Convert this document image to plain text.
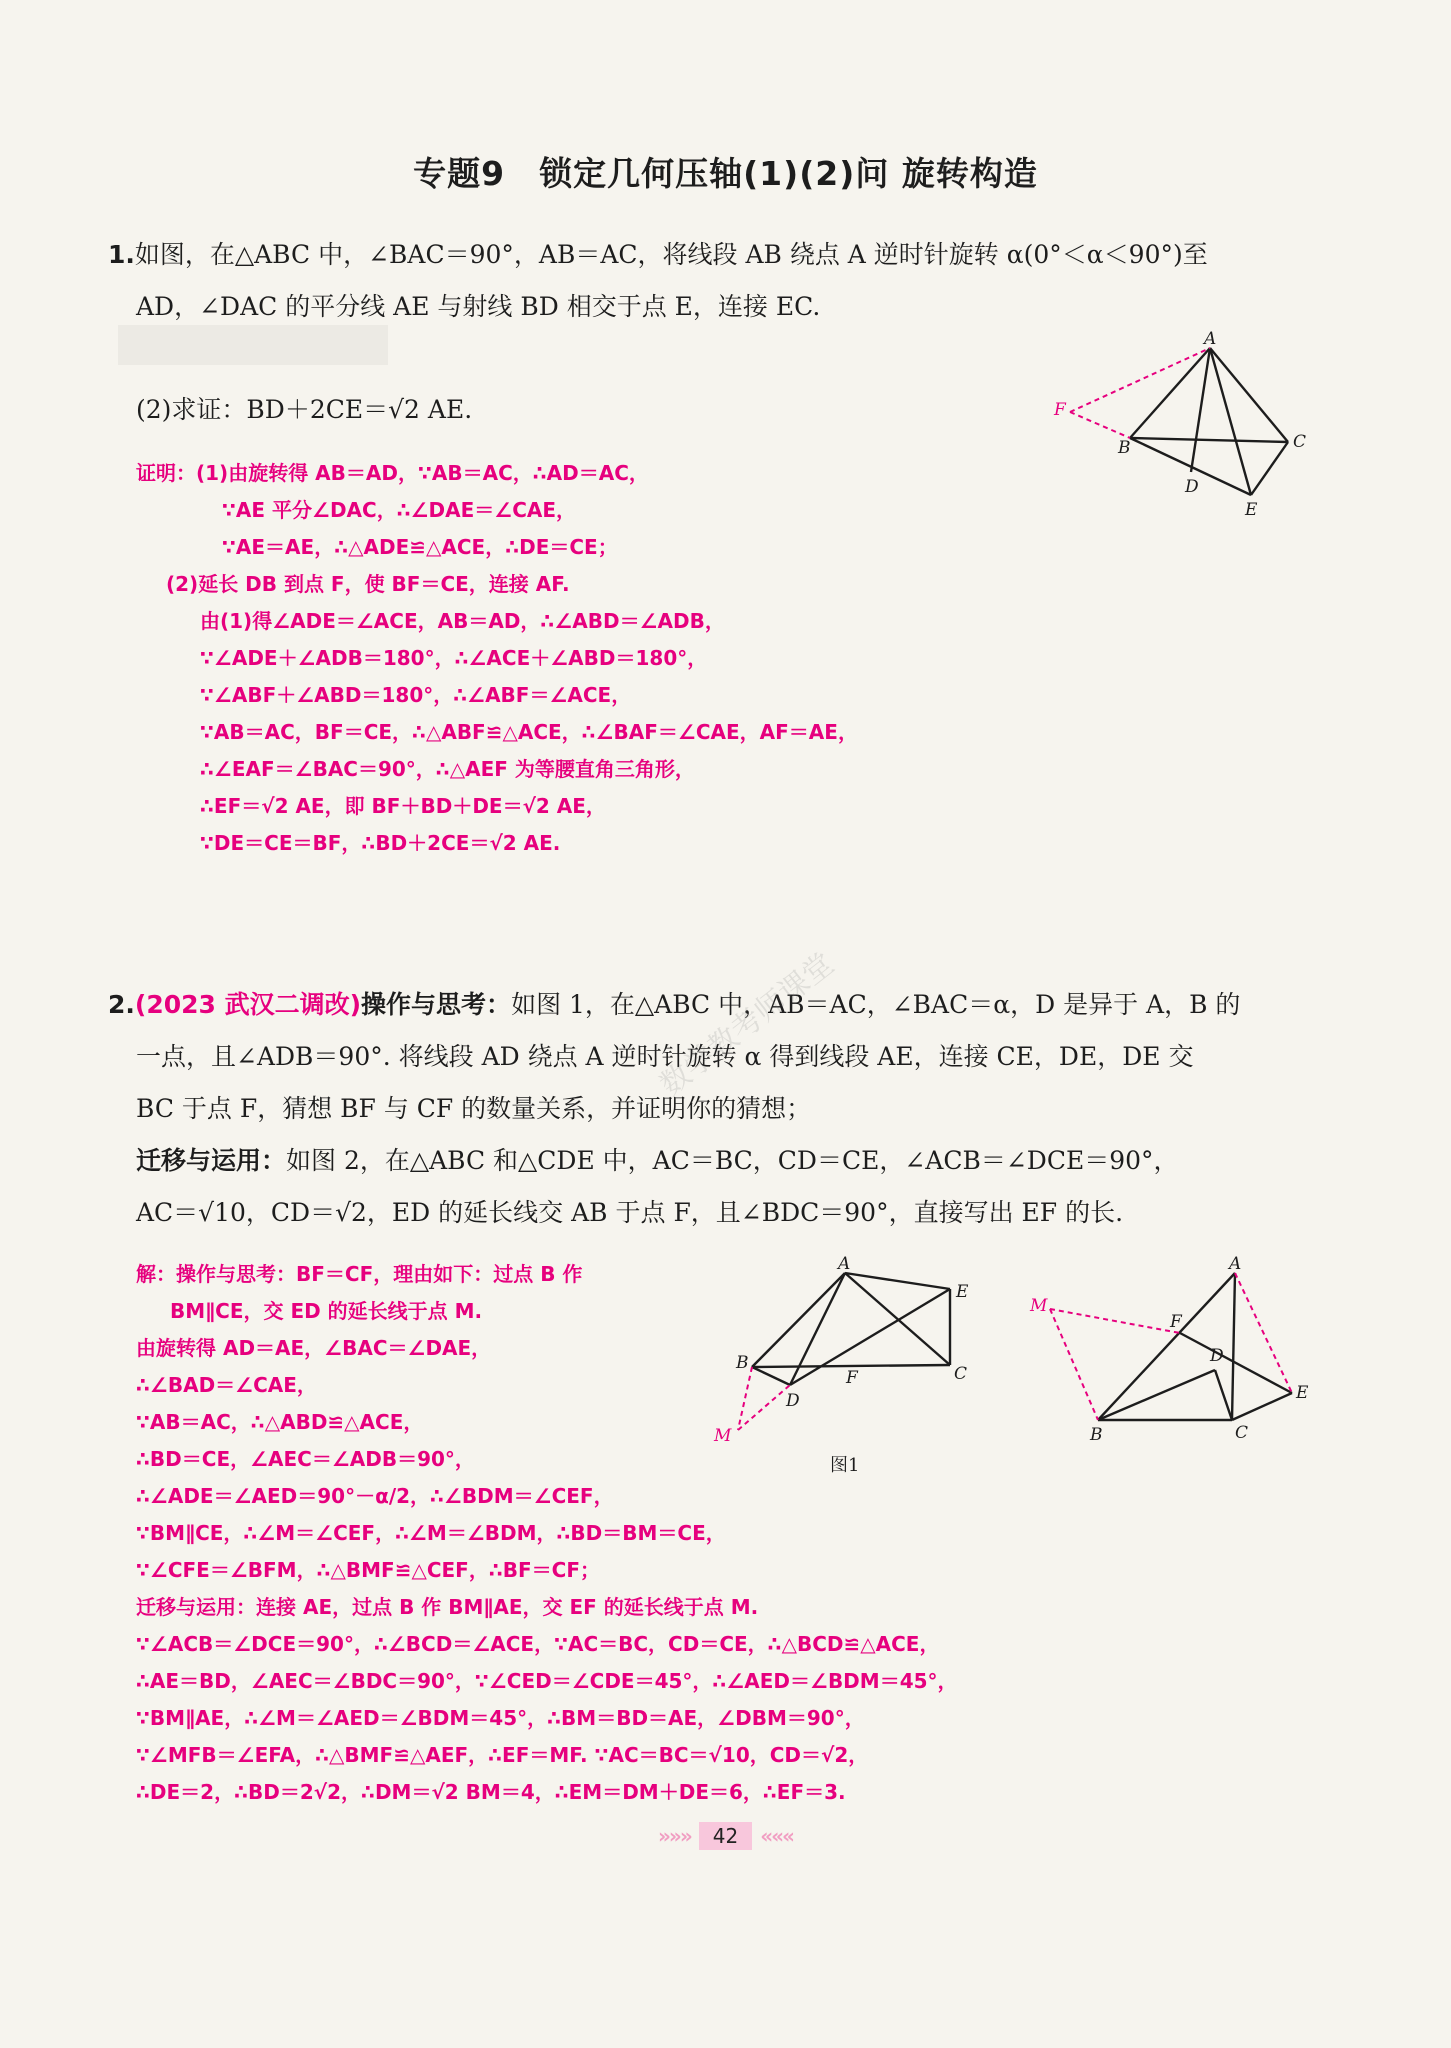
专题9　锁定几何压轴(1)(2)问 旋转构造
1.如图，在△ABC 中，∠BAC＝90°，AB＝AC，将线段 AB 绕点 A 逆时针旋转 α(0°＜α＜90°)至
AD，∠DAC 的平分线 AE 与射线 BD 相交于点 E，连接 EC.
(2)求证：BD＋2CE＝√2 AE.
证明：(1)由旋转得 AB＝AD，∵AB＝AC，∴AD＝AC，
∵AE 平分∠DAC，∴∠DAE＝∠CAE，
∵AE＝AE，∴△ADE≌△ACE，∴DE＝CE；
(2)延长 DB 到点 F，使 BF＝CE，连接 AF.
由(1)得∠ADE＝∠ACE，AB＝AD，∴∠ABD＝∠ADB，
∵∠ADE＋∠ADB＝180°，∴∠ACE＋∠ABD＝180°，
∵∠ABF＋∠ABD＝180°，∴∠ABF＝∠ACE，
∵AB＝AC，BF＝CE，∴△ABF≌△ACE，∴∠BAF＝∠CAE，AF＝AE，
∴∠EAF＝∠BAC＝90°，∴△AEF 为等腰直角三角形，
∴EF＝√2 AE，即 BF＋BD＋DE＝√2 AE，
∵DE＝CE＝BF，∴BD＋2CE＝√2 AE.
A
B	C
D
E
F
2.(2023 武汉二调改)操作与思考：如图 1，在△ABC 中，AB＝AC，∠BAC＝α，D 是异于 A，B 的
一点，且∠ADB＝90°. 将线段 AD 绕点 A 逆时针旋转 α 得到线段 AE，连接 CE，DE，DE 交
BC 于点 F，猜想 BF 与 CF 的数量关系，并证明你的猜想；
迁移与运用：如图 2，在△ABC 和△CDE 中，AC＝BC，CD＝CE，∠ACB＝∠DCE＝90°，
AC＝√10，CD＝√2，ED 的延长线交 AB 于点 F，且∠BDC＝90°，直接写出 EF 的长.
解：操作与思考：BF＝CF，理由如下：过点 B 作
BM∥CE，交 ED 的延长线于点 M.
由旋转得 AD＝AE，∠BAC＝∠DAE，
∴∠BAD＝∠CAE，
∵AB＝AC，∴△ABD≌△ACE，
∴BD＝CE，∠AEC＝∠ADB＝90°，
∴∠ADE＝∠AED＝90°－α/2，∴∠BDM＝∠CEF，
∵BM∥CE，∴∠M＝∠CEF，∴∠M＝∠BDM，∴BD＝BM＝CE，
∵∠CFE＝∠BFM，∴△BMF≌△CEF，∴BF＝CF；
迁移与运用：连接 AE，过点 B 作 BM∥AE，交 EF 的延长线于点 M.
∵∠ACB＝∠DCE＝90°，∴∠BCD＝∠ACE，∵AC＝BC，CD＝CE，∴△BCD≌△ACE，
∴AE＝BD，∠AEC＝∠BDC＝90°，∵∠CED＝∠CDE＝45°，∴∠AED＝∠BDM＝45°，
∵BM∥AE，∴∠M＝∠AED＝∠BDM＝45°，∴BM＝BD＝AE，∠DBM＝90°，
∵∠MFB＝∠EFA，∴△BMF≌△AEF，∴EF＝MF. ∵AC＝BC＝√10，CD＝√2，
∴DE＝2，∴BD＝2√2，∴DM＝√2 BM＝4，∴EM＝DM＋DE＝6，∴EF＝3.
A
B
C
D
E
F
M
图1
A
B	C
D
E
F
M
数学教考师课堂
»»» 42 «««
